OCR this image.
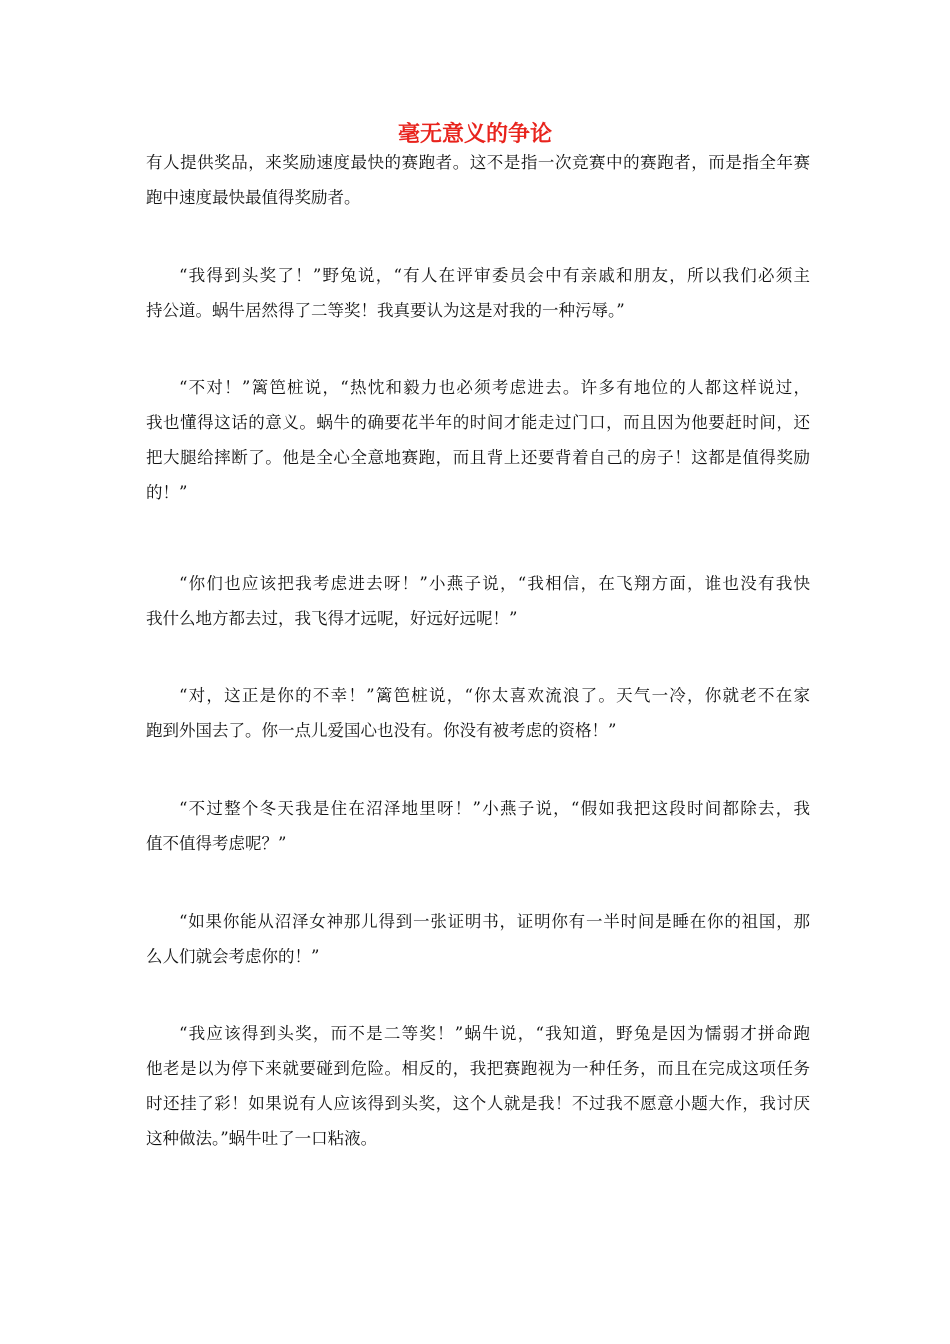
毫无意义的争论

有人提供奖品，来奖励速度最快的赛跑者。这不是指一次竞赛中的赛跑者，而是指全年赛
跑中速度最快最值得奖励者。

“我得到头奖了！”野兔说，“有人在评审委员会中有亲戚和朋友，所以我们必须主
持公道。蜗牛居然得了二等奖！我真要认为这是对我的一种污辱。”

“不对！”篱笆桩说，“热忱和毅力也必须考虑进去。许多有地位的人都这样说过，
我也懂得这话的意义。蜗牛的确要花半年的时间才能走过门口，而且因为他要赶时间，还
把大腿给摔断了。他是全心全意地赛跑，而且背上还要背着自己的房子！这都是值得奖励
的！”

“你们也应该把我考虑进去呀！”小燕子说，“我相信，在飞翔方面，谁也没有我快
我什么地方都去过，我飞得才远呢，好远好远呢！”

“对，这正是你的不幸！”篱笆桩说，“你太喜欢流浪了。天气一冷，你就老不在家
跑到外国去了。你一点儿爱国心也没有。你没有被考虑的资格！”

“不过整个冬天我是住在沼泽地里呀！”小燕子说，“假如我把这段时间都除去，我
值不值得考虑呢？”

“如果你能从沼泽女神那儿得到一张证明书，证明你有一半时间是睡在你的祖国，那
么人们就会考虑你的！”

“我应该得到头奖，而不是二等奖！”蜗牛说，“我知道，野兔是因为懦弱才拼命跑
他老是以为停下来就要碰到危险。相反的，我把赛跑视为一种任务，而且在完成这项任务
时还挂了彩！如果说有人应该得到头奖，这个人就是我！不过我不愿意小题大作，我讨厌
这种做法。”蜗牛吐了一口粘液。
